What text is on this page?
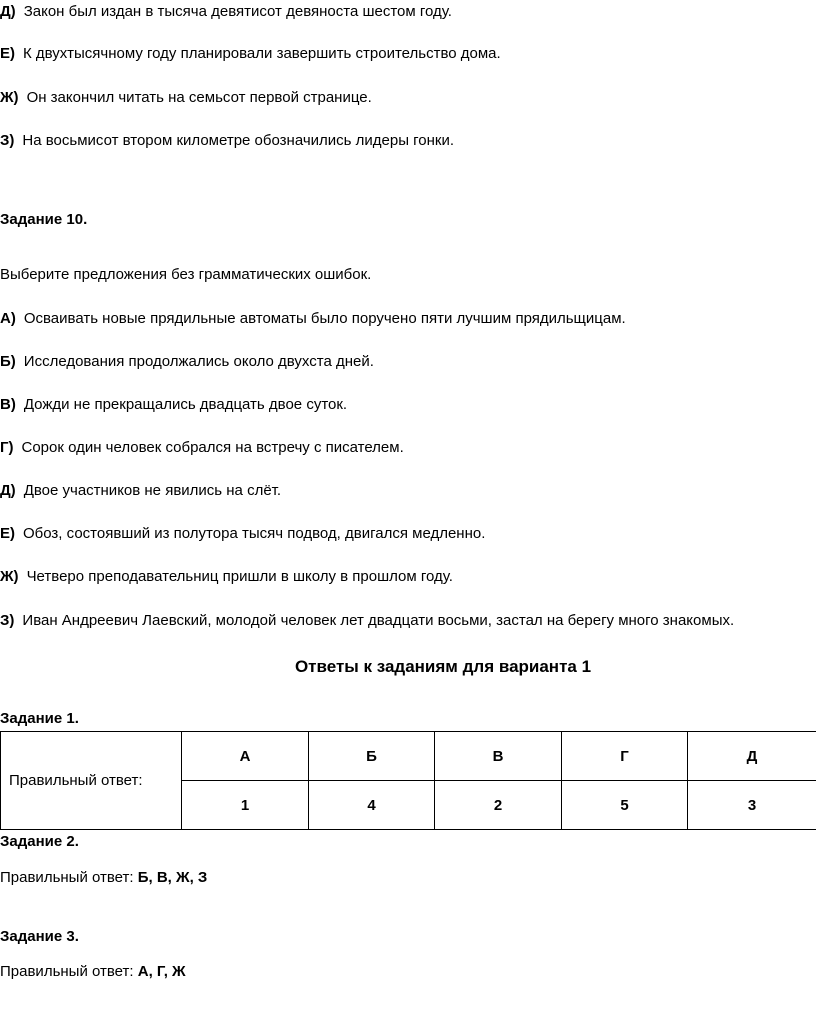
Д) Закон был издан в тысяча девятисот девяноста шестом году.
Е) К двухтысячному году планировали завершить строительство дома.
Ж) Он закончил читать на семьсот первой странице.
З) На восьмисот втором километре обозначились лидеры гонки.
Задание 10.
Выберите предложения без грамматических ошибок.
А) Осваивать новые прядильные автоматы было поручено пяти лучшим прядильщицам.
Б) Исследования продолжались около двухста дней.
В) Дожди не прекращались двадцать двое суток.
Г) Сорок один человек собрался на встречу с писателем.
Д) Двое участников не явились на слёт.
Е) Обоз, состоявший из полутора тысяч подвод, двигался медленно.
Ж) Четверо преподавательниц пришли в школу в прошлом году.
З) Иван Андреевич Лаевский, молодой человек лет двадцати восьми, застал на берегу много знакомых.
Ответы к заданиям для варианта 1
Задание 1.
Правильный ответ:	А	Б	В	Г	Д
	1	4	2	5	3
Задание 2.
Правильный ответ: Б, В, Ж, З
Задание 3.
Правильный ответ: А, Г, Ж
